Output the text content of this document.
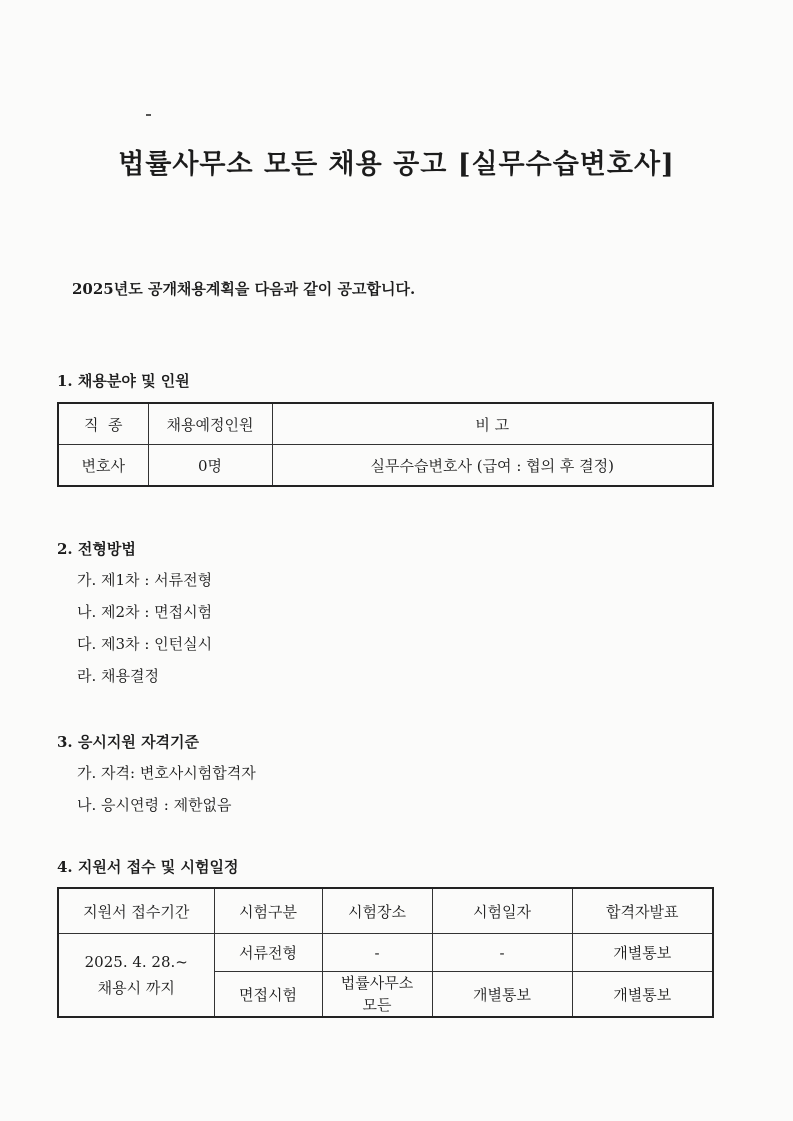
법률사무소 모든 채용 공고 [실무수습변호사]
2025년도 공개채용계획을 다음과 같이 공고합니다.
1. 채용분야 및 인원
직  종	채용예정인원	비 고
변호사	0명	실무수습변호사 (급여 : 협의 후 결정)
2. 전형방법
가. 제1차 : 서류전형
나. 제2차 : 면접시험
다. 제3차 : 인턴실시
라. 채용결정
3. 응시지원 자격기준
가. 자격: 변호사시험합격자
나. 응시연령 : 제한없음
4. 지원서 접수 및 시험일정
지원서 접수기간	시험구분	시험장소	시험일자	합격자발표
2025. 4. 28.~ 채용시 까지	서류전형	-	-	개별통보
	면접시험	법률사무소 모든	개별통보	개별통보
